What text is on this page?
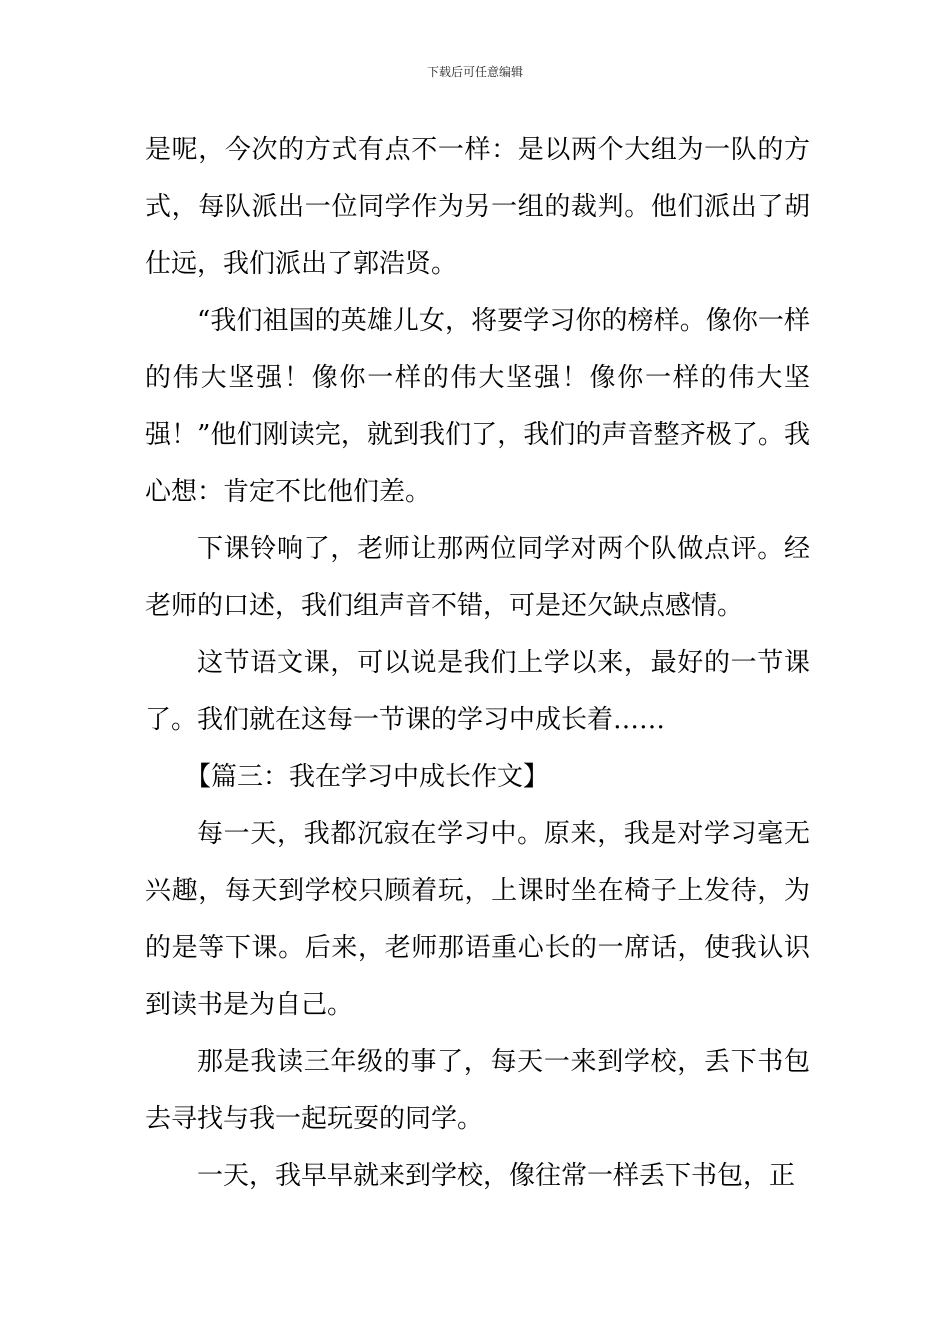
下载后可任意编辑

是呢，今次的方式有点不一样：是以两个大组为一队的方式，每队派出一位同学作为另一组的裁判。他们派出了胡仕远，我们派出了郭浩贤。

“我们祖国的英雄儿女，将要学习你的榜样。像你一样的伟大坚强！像你一样的伟大坚强！像你一样的伟大坚强！”他们刚读完，就到我们了，我们的声音整齐极了。我心想：肯定不比他们差。

下课铃响了，老师让那两位同学对两个队做点评。经老师的口述，我们组声音不错，可是还欠缺点感情。

这节语文课，可以说是我们上学以来，最好的一节课了。我们就在这每一节课的学习中成长着……

【篇三：我在学习中成长作文】

每一天，我都沉寂在学习中。原来，我是对学习毫无兴趣，每天到学校只顾着玩，上课时坐在椅子上发待，为的是等下课。后来，老师那语重心长的一席话，使我认识到读书是为自己。

那是我读三年级的事了，每天一来到学校，丢下书包去寻找与我一起玩耍的同学。

一天，我早早就来到学校，像往常一样丢下书包，正
